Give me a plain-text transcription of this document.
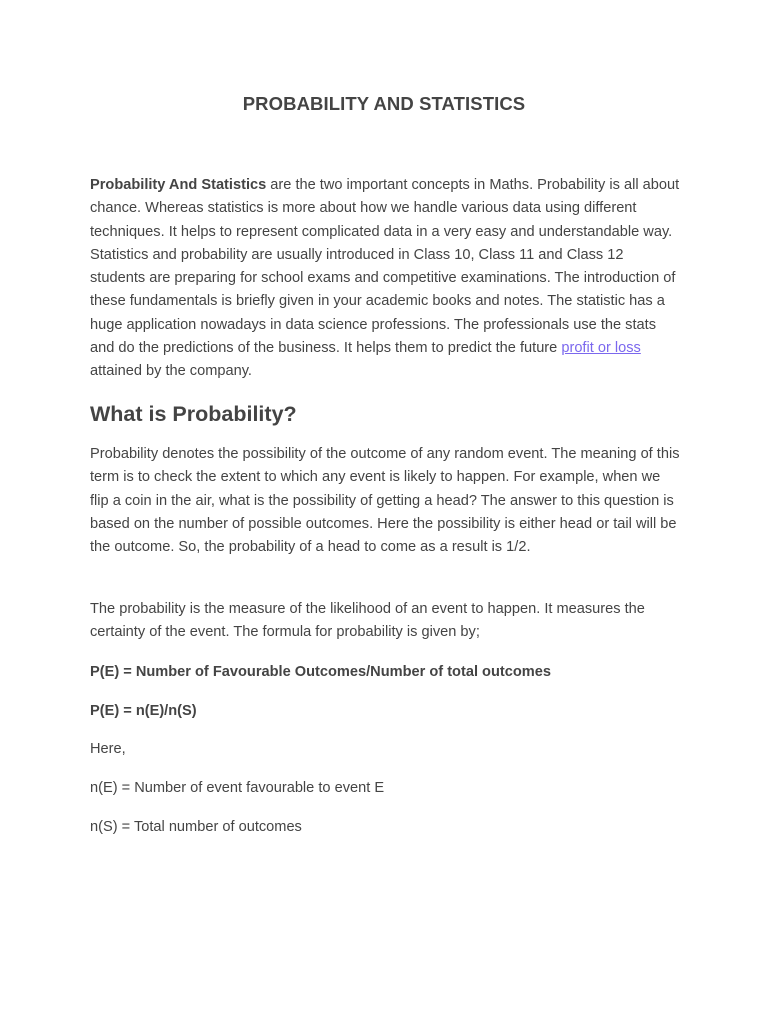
PROBABILITY AND STATISTICS

Probability And Statistics are the two important concepts in Maths. Probability is all about chance. Whereas statistics is more about how we handle various data using different techniques. It helps to represent complicated data in a very easy and understandable way. Statistics and probability are usually introduced in Class 10, Class 11 and Class 12 students are preparing for school exams and competitive examinations. The introduction of these fundamentals is briefly given in your academic books and notes. The statistic has a huge application nowadays in data science professions. The professionals use the stats and do the predictions of the business. It helps them to predict the future profit or loss attained by the company.

What is Probability?

Probability denotes the possibility of the outcome of any random event. The meaning of this term is to check the extent to which any event is likely to happen. For example, when we flip a coin in the air, what is the possibility of getting a head? The answer to this question is based on the number of possible outcomes. Here the possibility is either head or tail will be the outcome. So, the probability of a head to come as a result is 1/2.

The probability is the measure of the likelihood of an event to happen. It measures the certainty of the event. The formula for probability is given by;

P(E) = Number of Favourable Outcomes/Number of total outcomes

P(E) = n(E)/n(S)

Here,

n(E) = Number of event favourable to event E

n(S) = Total number of outcomes
